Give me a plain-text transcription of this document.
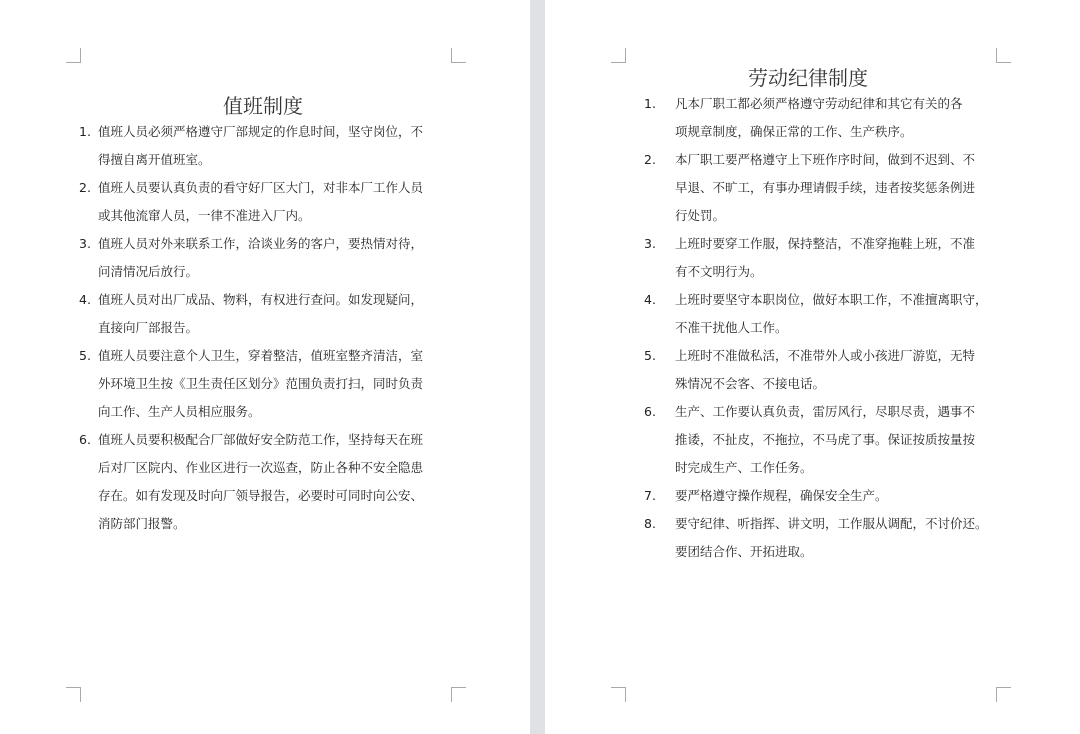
值班制度
1. 值班人员必须严格遵守厂部规定的作息时间，坚守岗位，不
得擅自离开值班室。
2. 值班人员要认真负责的看守好厂区大门，对非本厂工作人员
或其他流窜人员，一律不准进入厂内。
3. 值班人员对外来联系工作，洽谈业务的客户，要热情对待，
问清情况后放行。
4. 值班人员对出厂成品、物料，有权进行查问。如发现疑问，
直接向厂部报告。
5. 值班人员要注意个人卫生，穿着整洁，值班室整齐清洁，室
外环境卫生按《卫生责任区划分》范围负责打扫，同时负责
向工作、生产人员相应服务。
6. 值班人员要积极配合厂部做好安全防范工作，坚持每天在班
后对厂区院内、作业区进行一次巡查，防止各种不安全隐患
存在。如有发现及时向厂领导报告，必要时可同时向公安、
消防部门报警。
劳动纪律制度
1. 凡本厂职工都必须严格遵守劳动纪律和其它有关的各
项规章制度，确保正常的工作、生产秩序。
2. 本厂职工要严格遵守上下班作序时间，做到不迟到、不
早退、不旷工，有事办理请假手续，违者按奖惩条例进
行处罚。
3. 上班时要穿工作服，保持整洁，不准穿拖鞋上班，不准
有不文明行为。
4. 上班时要坚守本职岗位，做好本职工作，不准擅离职守，
不准干扰他人工作。
5. 上班时不准做私活，不准带外人或小孩进厂游览，无特
殊情况不会客、不接电话。
6. 生产、工作要认真负责，雷厉风行，尽职尽责，遇事不
推诿，不扯皮，不拖拉，不马虎了事。保证按质按量按
时完成生产、工作任务。
7. 要严格遵守操作规程，确保安全生产。
8. 要守纪律、听指挥、讲文明，工作服从调配，不讨价还。
要团结合作、开拓进取。
